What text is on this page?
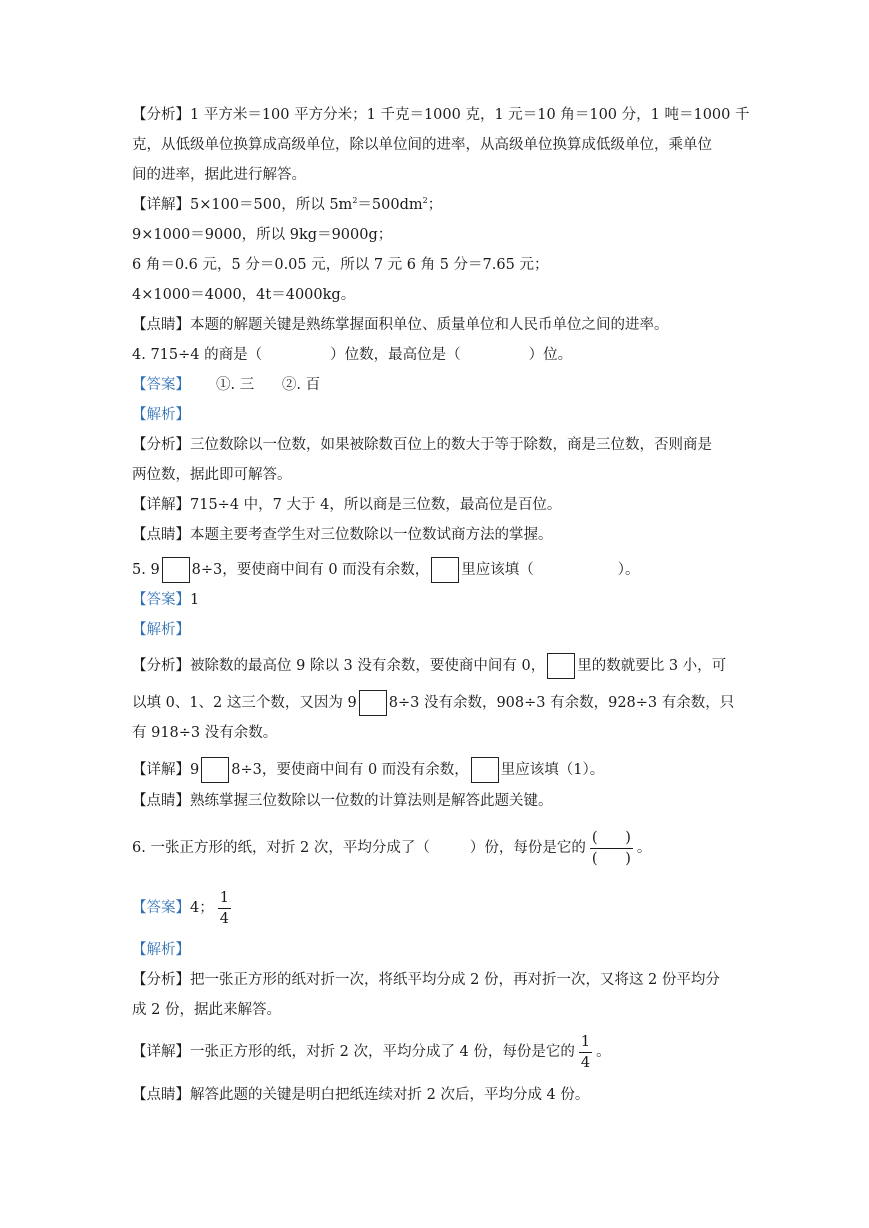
【分析】1 平方米＝100 平方分米；1 千克＝1000 克，1 元＝10 角＝100 分，1 吨＝1000 千
克，从低级单位换算成高级单位，除以单位间的进率，从高级单位换算成低级单位，乘单位
间的进率，据此进行解答。
【详解】5×100＝500，所以 $5m^2=500dm^2$；
9×1000＝9000，所以 9kg＝9000g；
6 角＝0.6 元，5 分＝0.05 元，所以 7 元 6 角 5 分＝7.65 元；
4×1000＝4000，4t＝4000kg。
【点睛】本题的解题关键是熟练掌握面积单位、质量单位和人民币单位之间的进率。
4. 715÷4 的商是（	）位数，最高位是（	）位。
【答案】 ①. 三      ②. 百
【解析】
【分析】三位数除以一位数，如果被除数百位上的数大于等于除数，商是三位数，否则商是
两位数，据此即可解答。
【详解】715÷4 中，7 大于 4，所以商是三位数，最高位是百位。
【点睛】本题主要考查学生对三位数除以一位数试商方法的掌握。
5. 9 8÷3，要使商中间有 0 而没有余数， 里应该填（	）。
【答案】1
【解析】
【分析】被除数的最高位 9 除以 3 没有余数，要使商中间有 0， 里的数就要比 3 小，可
以填 0、1、2 这三个数，又因为 9 8÷3 没有余数，908÷3 有余数，928÷3 有余数，只
有 918÷3 没有余数。
【详解】9 8÷3，要使商中间有 0 而没有余数， 里应该填（1）。
【点睛】熟练掌握三位数除以一位数的计算法则是解答此题关键。
6. 一张正方形的纸，对折 2 次，平均分成了（	）份，每份是它的 $\frac{( )}{( )}$ 。
【答案】4； $\frac{1}{4}$
【解析】
【分析】把一张正方形的纸对折一次，将纸平均分成 2 份，再对折一次，又将这 2 份平均分
成 2 份，据此来解答。
【详解】一张正方形的纸，对折 2 次，平均分成了 4 份，每份是它的 $\frac{1}{4}$ 。
【点睛】解答此题的关键是明白把纸连续对折 2 次后，平均分成 4 份。
